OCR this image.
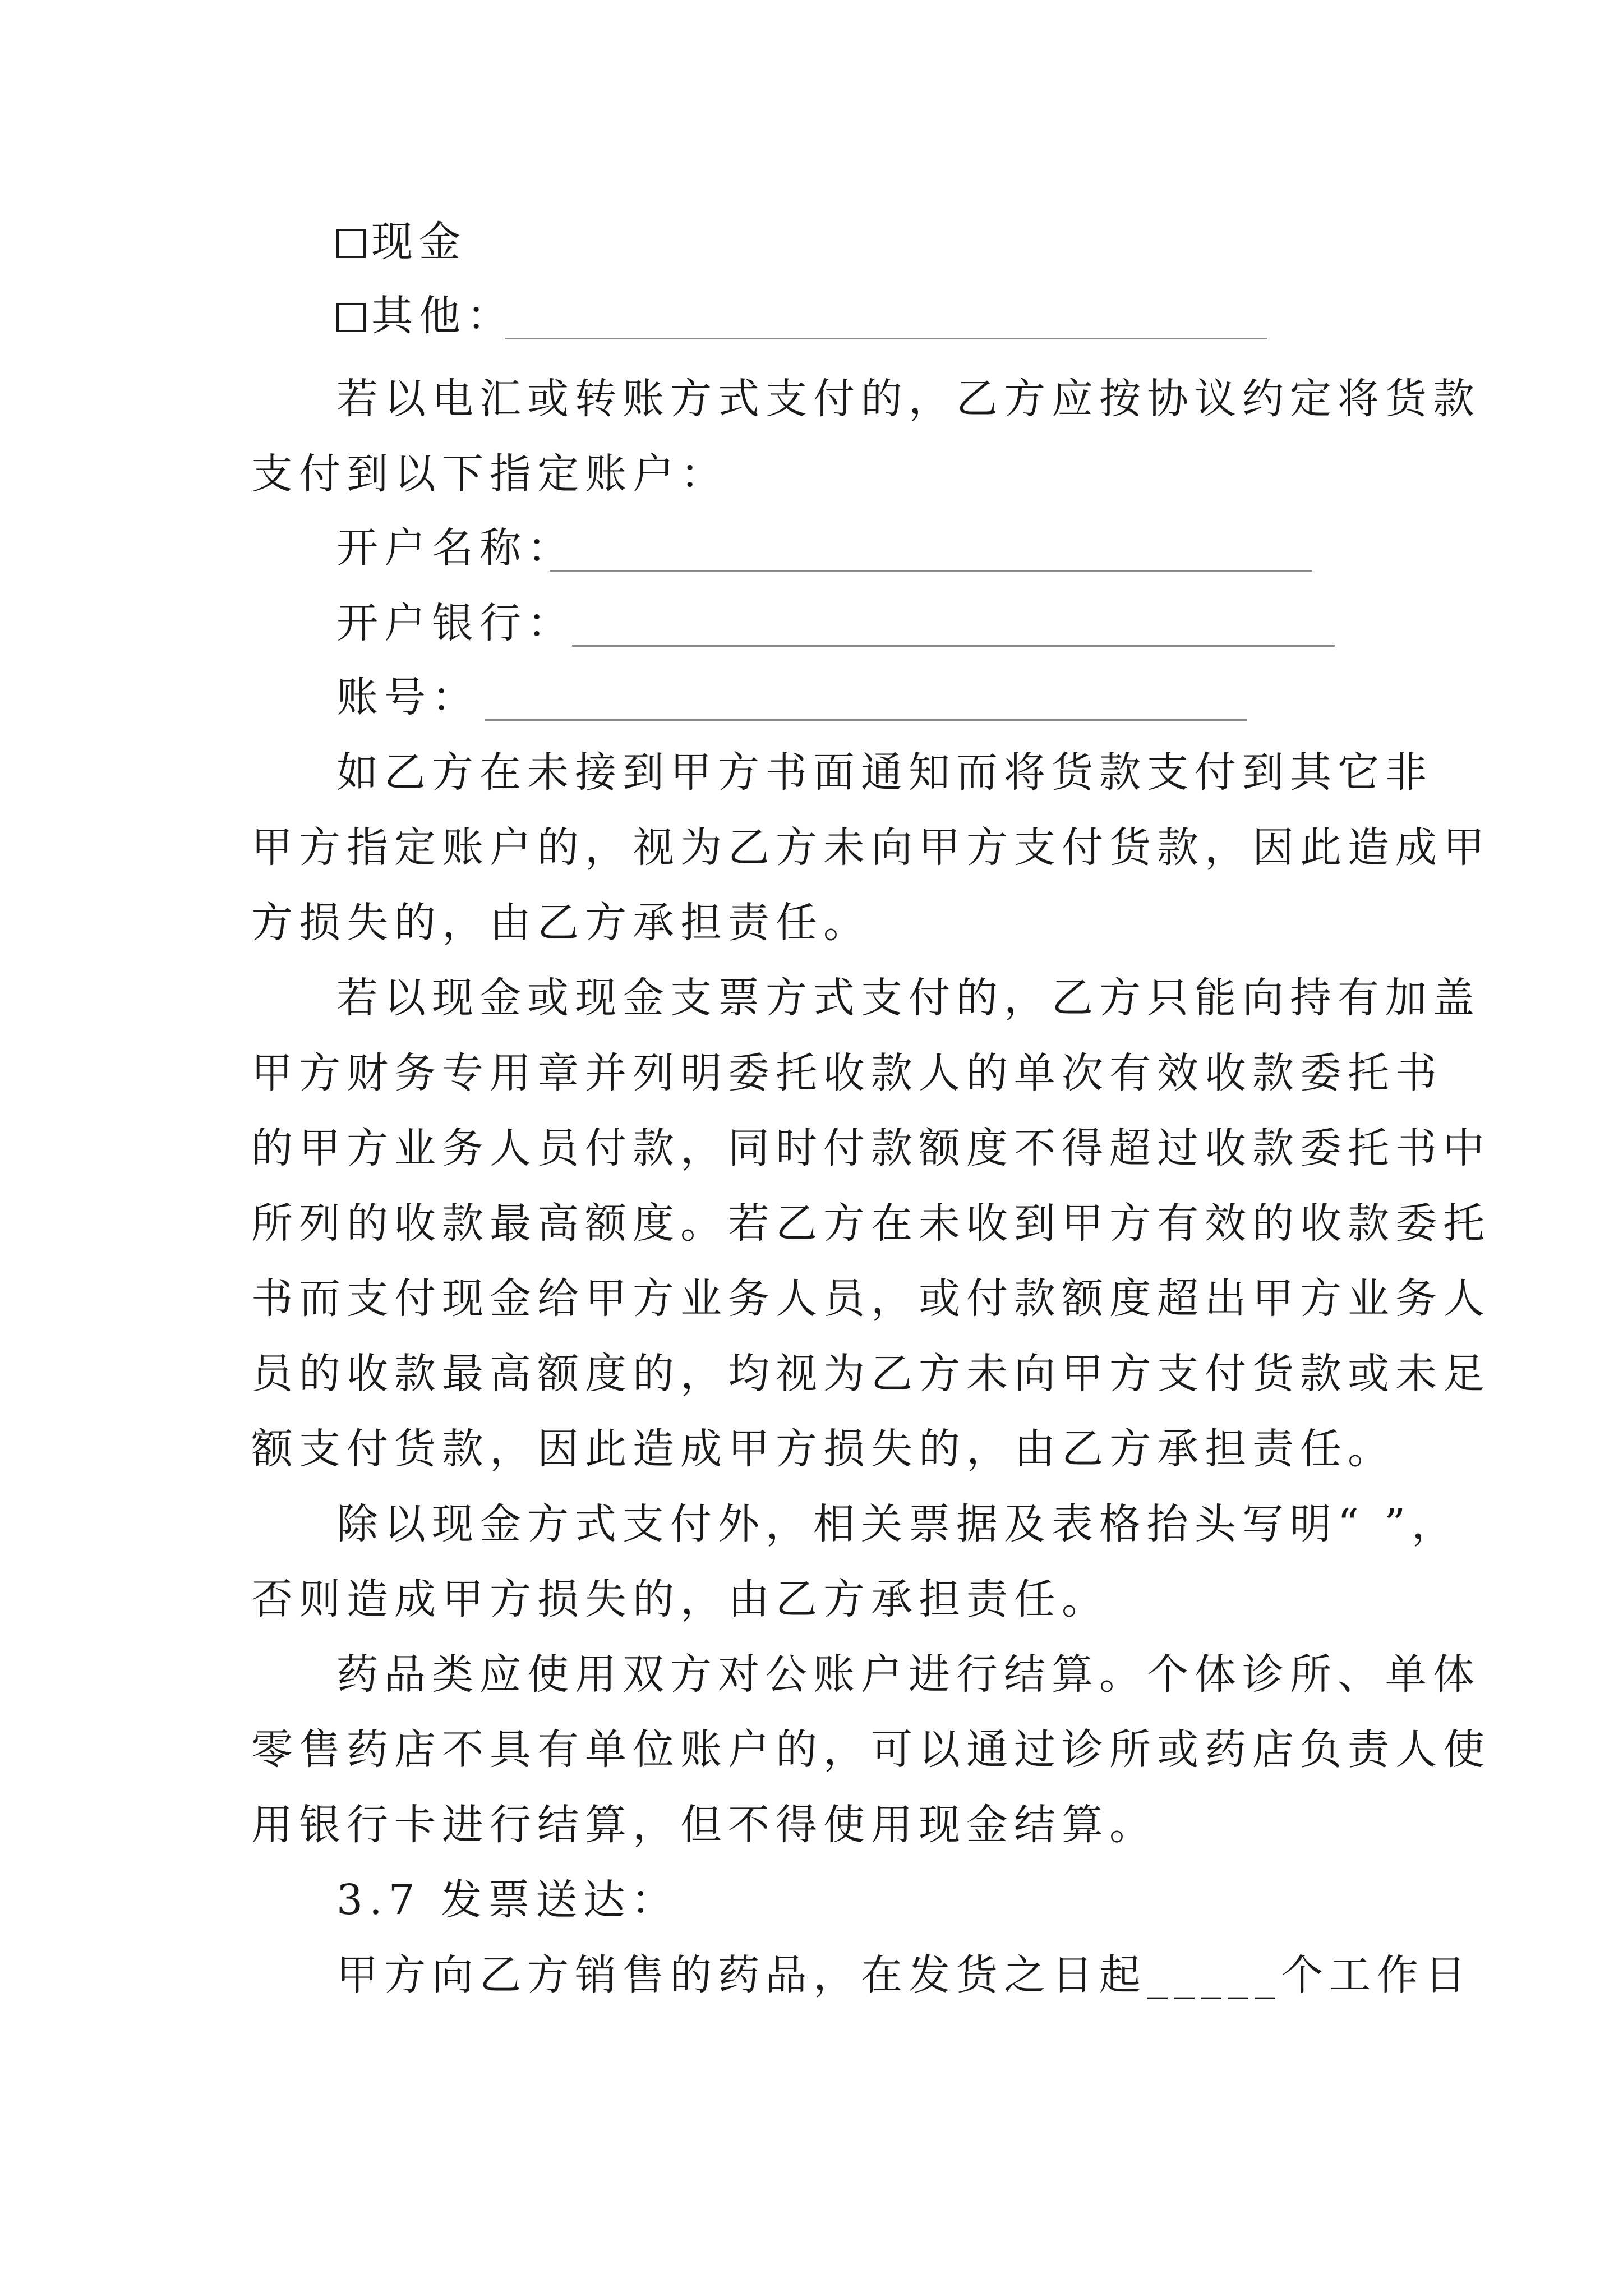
现金
其他：
若以电汇或转账方式支付的，乙方应按协议约定将货款
支付到以下指定账户：
开户名称：
开户银行：
账号：
如乙方在未接到甲方书面通知而将货款支付到其它非
甲方指定账户的，视为乙方未向甲方支付货款，因此造成甲
方损失的，由乙方承担责任。
若以现金或现金支票方式支付的，乙方只能向持有加盖
甲方财务专用章并列明委托收款人的单次有效收款委托书
的甲方业务人员付款，同时付款额度不得超过收款委托书中
所列的收款最高额度。若乙方在未收到甲方有效的收款委托
书而支付现金给甲方业务人员，或付款额度超出甲方业务人
员的收款最高额度的，均视为乙方未向甲方支付货款或未足
额支付货款，因此造成甲方损失的，由乙方承担责任。
除以现金方式支付外，相关票据及表格抬头写明“ ”，
否则造成甲方损失的，由乙方承担责任。
药品类应使用双方对公账户进行结算。个体诊所、单体
零售药店不具有单位账户的，可以通过诊所或药店负责人使
用银行卡进行结算，但不得使用现金结算。
3.7 发票送达：
甲方向乙方销售的药品，在发货之日起_____个工作日
